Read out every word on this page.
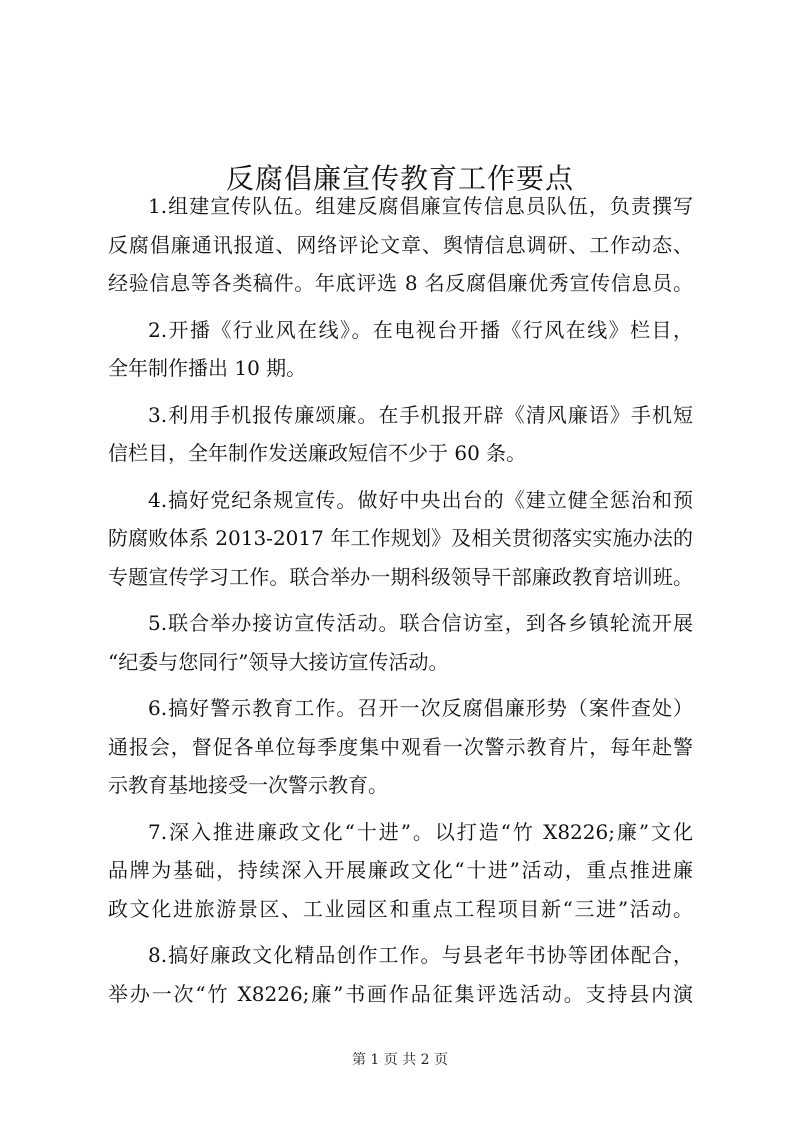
反腐倡廉宣传教育工作要点

1.组建宣传队伍。组建反腐倡廉宣传信息员队伍，负责撰写
反腐倡廉通讯报道、网络评论文章、舆情信息调研、工作动态、
经验信息等各类稿件。年底评选 8 名反腐倡廉优秀宣传信息员。

2.开播《行业风在线》。在电视台开播《行风在线》栏目，
全年制作播出 10 期。

3.利用手机报传廉颂廉。在手机报开辟《清风廉语》手机短
信栏目，全年制作发送廉政短信不少于 60 条。

4.搞好党纪条规宣传。做好中央出台的《建立健全惩治和预
防腐败体系 2013-2017 年工作规划》及相关贯彻落实实施办法的
专题宣传学习工作。联合举办一期科级领导干部廉政教育培训班。

5.联合举办接访宣传活动。联合信访室，到各乡镇轮流开展
“纪委与您同行”领导大接访宣传活动。

6.搞好警示教育工作。召开一次反腐倡廉形势（案件查处）
通报会，督促各单位每季度集中观看一次警示教育片，每年赴警
示教育基地接受一次警示教育。

7.深入推进廉政文化“十进”。以打造“竹 X8226;廉”文化
品牌为基础，持续深入开展廉政文化“十进”活动，重点推进廉
政文化进旅游景区、工业园区和重点工程项目新“三进”活动。

8.搞好廉政文化精品创作工作。与县老年书协等团体配合，
举办一次“竹 X8226;廉”书画作品征集评选活动。支持县内演

第 1 页 共 2 页
